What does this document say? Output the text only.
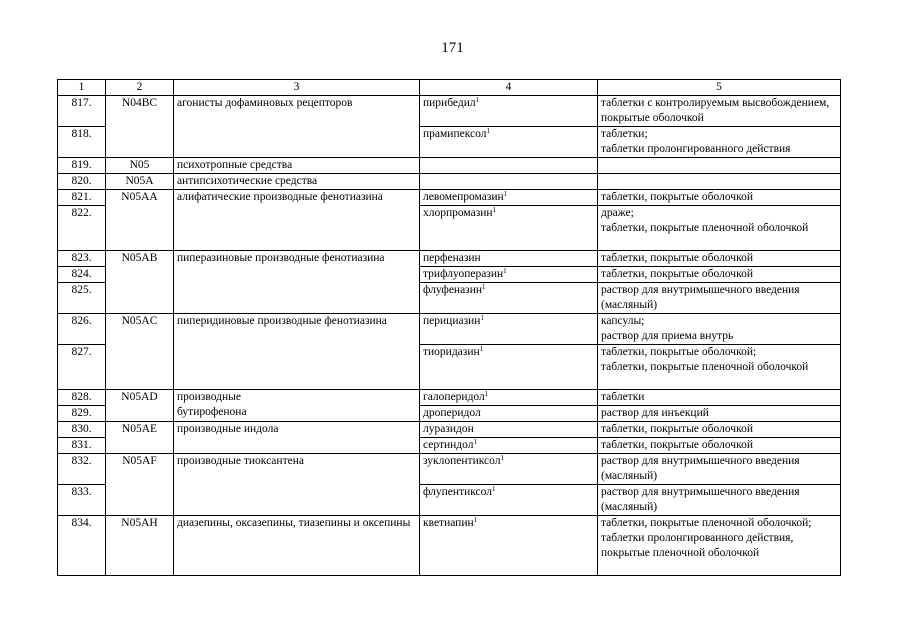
171
1	2	3	4	5
817.	N04BC	агонисты дофаминовых рецепторов	пирибедил$^1$	таблетки с контролируемым высвобождением, покрытые оболочкой

818.			прамипексол$^1$	таблетки;
таблетки пролонгированного действия

819.	N05	психотропные средства		
820.	N05A	антипсихотические средства		
821.	N05AA	алифатические производные фенотиазина	левомепромазин$^1$	таблетки, покрытые оболочкой

822.			хлорпромазин$^1$	драже;
таблетки, покрытые пленочной оболочкой

823.	N05AB	пиперазиновые производные фенотиазина	перфеназин	таблетки, покрытые оболочкой

824.			трифлуоперазин$^1$	таблетки, покрытые оболочкой

825.			флуфеназин$^1$	раствор для внутримышечного введения (масляный)

826.	N05AC	пиперидиновые производные фенотиазина	перициазин$^1$	капсулы;
раствор для приема внутрь

827.			тиоридазин$^1$	таблетки, покрытые оболочкой;
таблетки, покрытые пленочной оболочкой

828.	N05AD	производные
бутирофенона	галоперидол$^1$	таблетки

829.			дроперидол	раствор для инъекций

830.	N05AE	производные индола	луразидон	таблетки, покрытые оболочкой

831.			сертиндол$^1$	таблетки, покрытые оболочкой

832.	N05AF	производные тиоксантена	зуклопентиксол$^1$	раствор для внутримышечного введения (масляный)

833.			флупентиксол$^1$	раствор для внутримышечного введения (масляный)

834.	N05AH	диазепины, оксазепины, тиазепины и оксепины	кветиапин$^1$	таблетки, покрытые пленочной оболочкой;
таблетки пролонгированного действия, покрытые пленочной оболочкой
